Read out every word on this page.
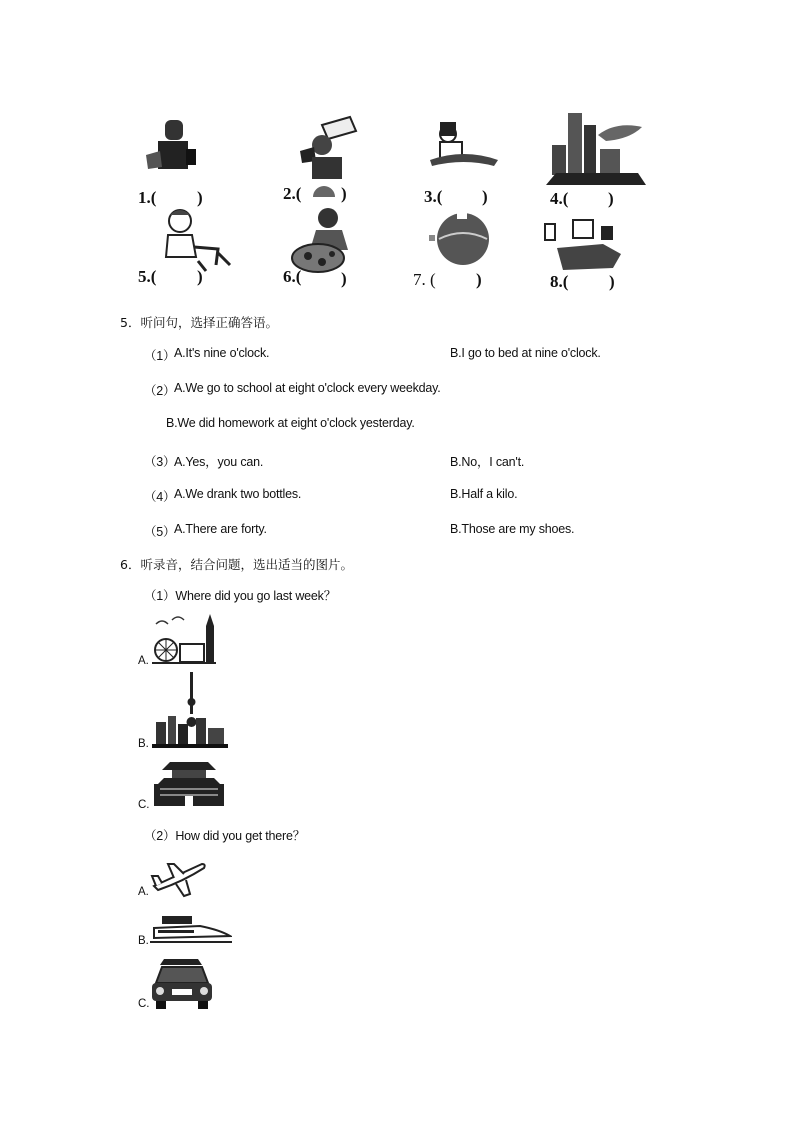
1.( )	2.( )	3.( )	4.( )
5.( )	6.( )	7. ( )	8.( )
5．听问句，选择正确答语。
（1）
A.It's nine o'clock.	B.I go to bed at nine o'clock.
（2）
A.We go to school at eight o'clock every weekday.
B.We did homework at eight o'clock yesterday.
（3）
A.Yes，you can.	B.No，I can't.
（4）
A.We drank two bottles.	B.Half a kilo.
（5）
A.There are forty.	B.Those are my shoes.
6．听录音，结合问题，选出适当的图片。
（1）Where did you go last week？
A.
B.
C.
（2）How did you get there？
A.
B.
C.
